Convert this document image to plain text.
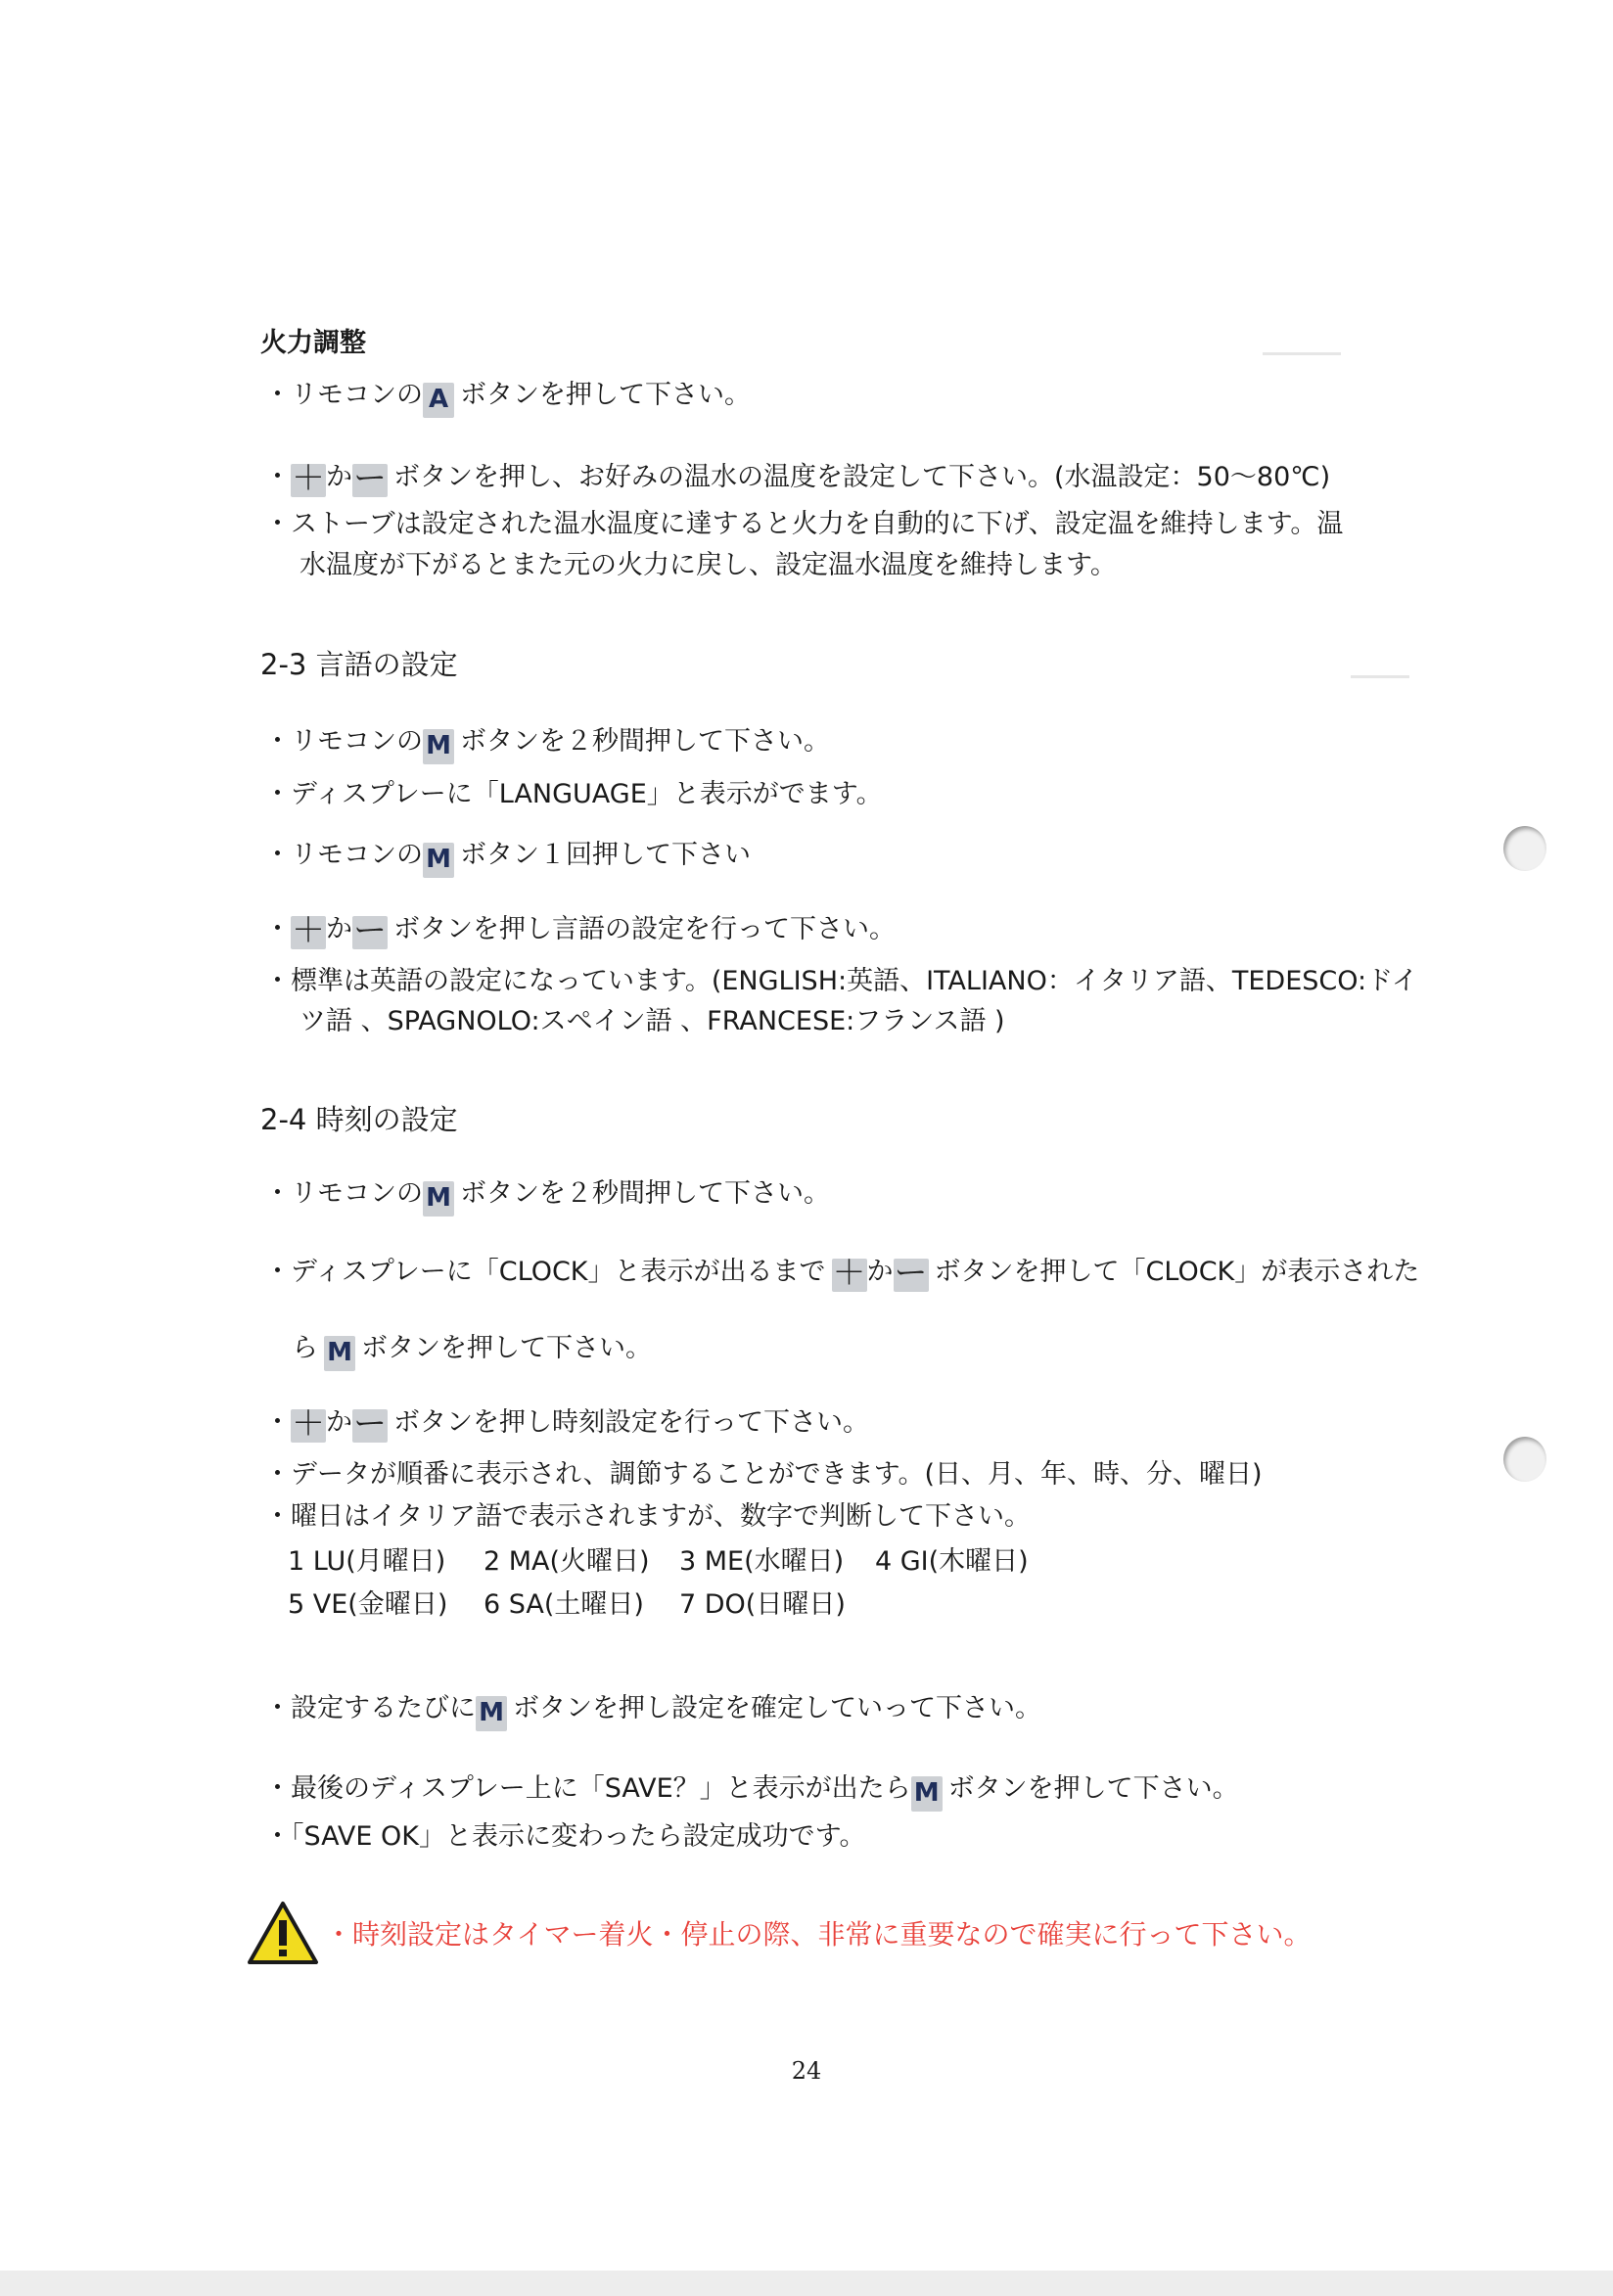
火力調整
・リモコンの A ボタンを押して下さい。
・＋かー ボタンを押し、お好みの温水の温度を設定して下さい。(水温設定：50～80℃)
・ストーブは設定された温水温度に達すると火力を自動的に下げ、設定温を維持します。温
水温度が下がるとまた元の火力に戻し、設定温水温度を維持します。
2-3 言語の設定
・リモコンの M ボタンを２秒間押して下さい。
・ディスプレーに「LANGUAGE」と表示がでます。
・リモコンの M ボタン１回押して下さい
・＋かー ボタンを押し言語の設定を行って下さい。
・標準は英語の設定になっています。(ENGLISH:英語、ITALIANO：イタリア語、TEDESCO:ドイ
ツ語 、SPAGNOLO:スペイン語 、FRANCESE:フランス語 )
2-4 時刻の設定
・リモコンの M ボタンを２秒間押して下さい。
・ディスプレーに「CLOCK」と表示が出るまで ＋かー ボタンを押して「CLOCK」が表示された
ら M ボタンを押して下さい。
・＋かー ボタンを押し時刻設定を行って下さい。
・データが順番に表示され、調節することができます。(日、月、年、時、分、曜日)
・曜日はイタリア語で表示されますが、数字で判断して下さい。
1 LU(月曜日) 2 MA(火曜日) 3 ME(水曜日) 4 GI(木曜日)
5 VE(金曜日) 6 SA(土曜日) 7 DO(日曜日)
・設定するたびに M ボタンを押し設定を確定していって下さい。
・最後のディスプレー上に「SAVE？」と表示が出たら M ボタンを押して下さい。
・「SAVE OK」と表示に変わったら設定成功です。
・時刻設定はタイマー着火・停止の際、非常に重要なので確実に行って下さい。
24
